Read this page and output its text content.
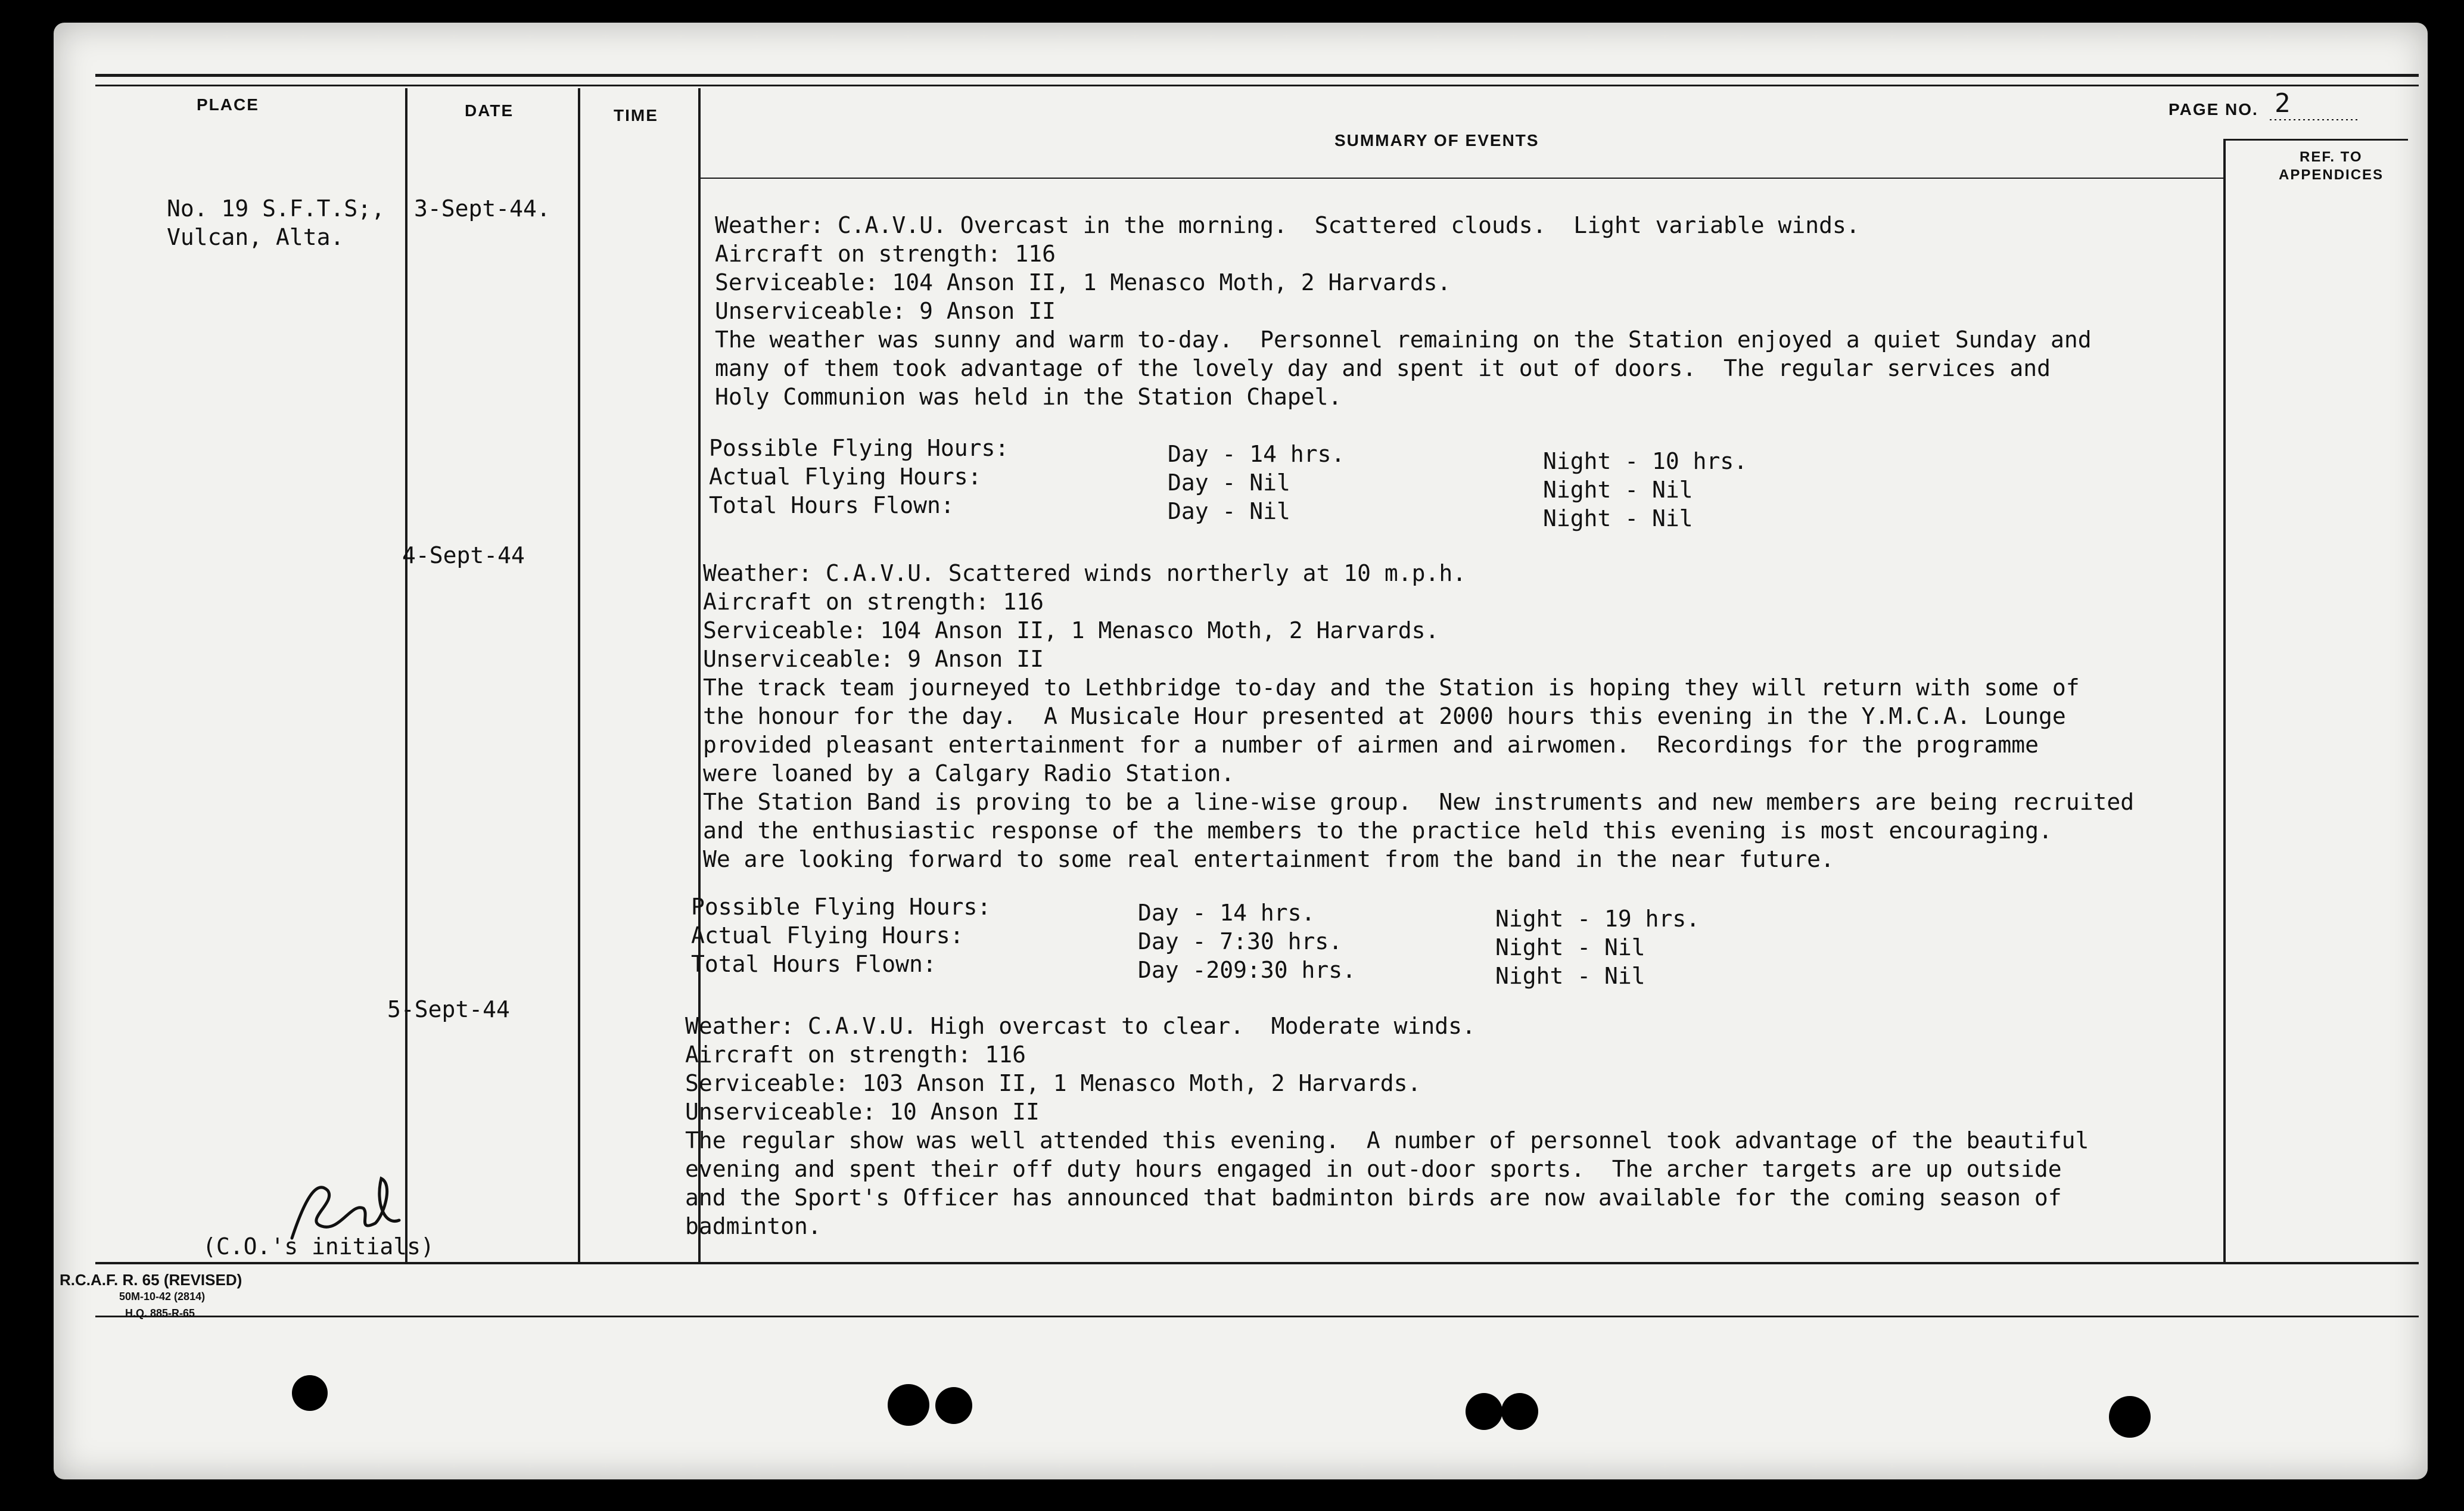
PLACE	DATE	TIME
SUMMARY OF EVENTS
PAGE NO. 2
REF. TO
APPENDICES
No. 19 S.F.T.S;,
Vulcan, Alta.
3-Sept-44.
Weather: C.A.V.U. Overcast in the morning.  Scattered clouds.  Light variable winds.
Aircraft on strength: 116
Serviceable: 104 Anson II, 1 Menasco Moth, 2 Harvards.
Unserviceable: 9 Anson II
The weather was sunny and warm to-day.  Personnel remaining on the Station enjoyed a quiet Sunday and
many of them took advantage of the lovely day and spent it out of doors.  The regular services and
Holy Communion was held in the Station Chapel.
Possible Flying Hours:
Actual Flying Hours:
Total Hours Flown:
Day - 14 hrs.
Day - Nil
Day - Nil
Night - 10 hrs.
Night - Nil
Night - Nil
4-Sept-44
Weather: C.A.V.U. Scattered winds northerly at 10 m.p.h.
Aircraft on strength: 116
Serviceable: 104 Anson II, 1 Menasco Moth, 2 Harvards.
Unserviceable: 9 Anson II
The track team journeyed to Lethbridge to-day and the Station is hoping they will return with some of
the honour for the day.  A Musicale Hour presented at 2000 hours this evening in the Y.M.C.A. Lounge
provided pleasant entertainment for a number of airmen and airwomen.  Recordings for the programme
were loaned by a Calgary Radio Station.
The Station Band is proving to be a line-wise group.  New instruments and new members are being recruited
and the enthusiastic response of the members to the practice held this evening is most encouraging.
We are looking forward to some real entertainment from the band in the near future.
Possible Flying Hours:
Actual Flying Hours:
Total Hours Flown:
Day - 14 hrs.
Day - 7:30 hrs.
Day -209:30 hrs.
Night - 19 hrs.
Night - Nil
Night - Nil
5-Sept-44
Weather: C.A.V.U. High overcast to clear.  Moderate winds.
Aircraft on strength: 116
Serviceable: 103 Anson II, 1 Menasco Moth, 2 Harvards.
Unserviceable: 10 Anson II
The regular show was well attended this evening.  A number of personnel took advantage of the beautiful
evening and spent their off duty hours engaged in out-door sports.  The archer targets are up outside
and the Sport's Officer has announced that badminton birds are now available for the coming season of
badminton.
(C.O.'s initials)
R.C.A.F. R. 65 (REVISED)
50M-10-42 (2814)
H.Q. 885-R-65
